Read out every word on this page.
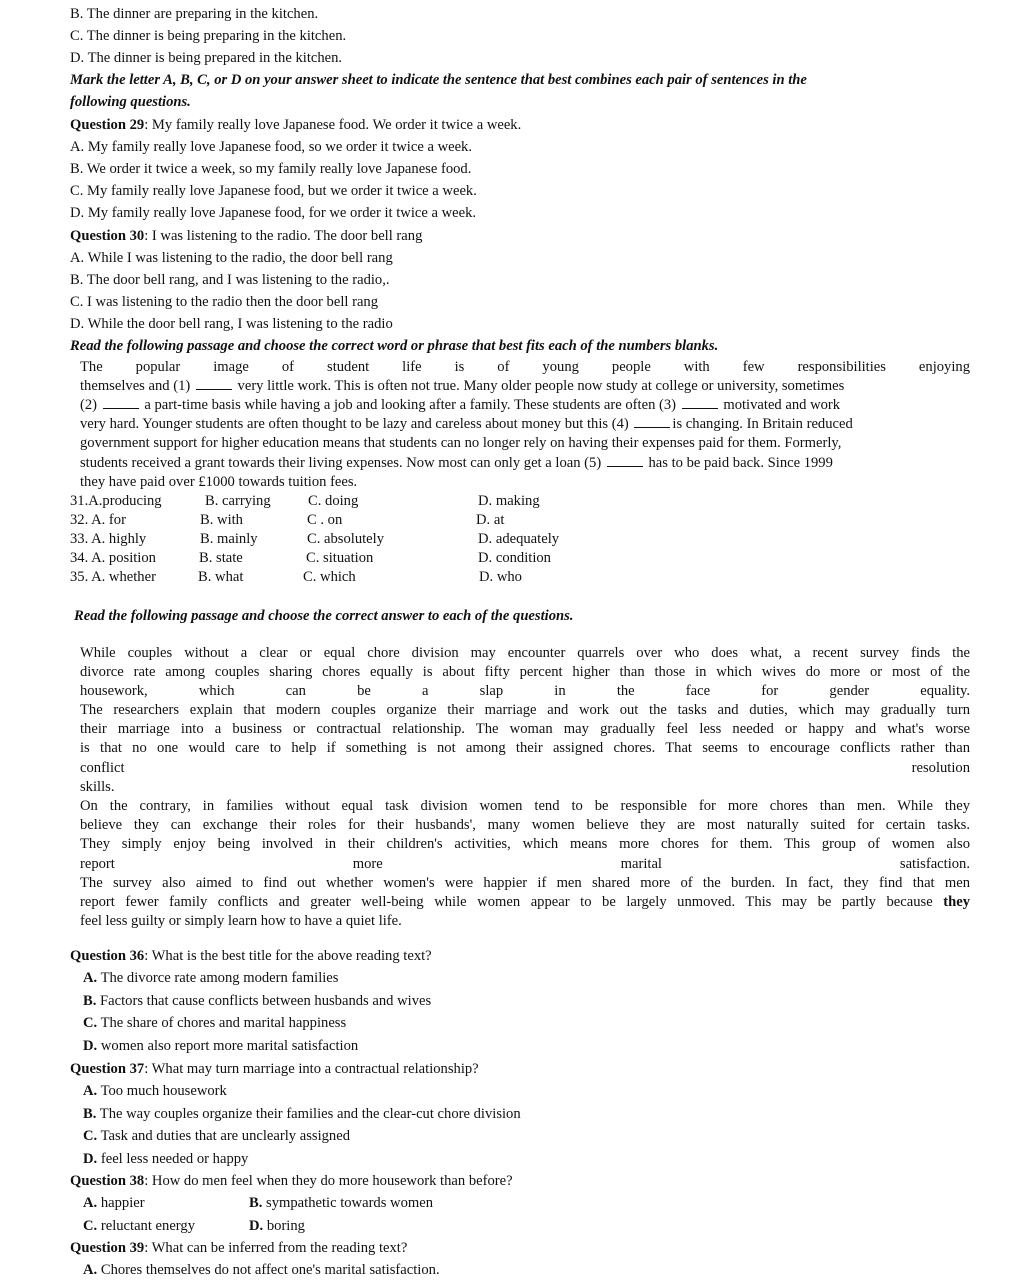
B. The dinner are preparing in the kitchen.
C. The dinner is being preparing in the kitchen.
D. The dinner is being prepared in the kitchen.
Mark the letter A, B, C, or D on your answer sheet to indicate the sentence that best combines each pair of sentences in the
following questions.
Question 29: My family really love Japanese food. We order it twice a week.
A. My family really love Japanese food, so we order it twice a week.
B. We order it twice a week, so my family really love Japanese food.
C. My family really love Japanese food, but we order it twice a week.
D. My family really love Japanese food, for we order it twice a week.
Question 30: I was listening to the radio. The door bell rang
A. While I was listening to the radio, the door bell rang
B. The door bell rang, and I was listening to the radio,.
C. I was listening to the radio then the door bell rang
D. While the door bell rang, I was listening to the radio
Read the following passage and choose the correct word or phrase that best fits each of the numbers blanks.
The popular image of student life is of young people with few responsibilities enjoying
themselves and (1)	very little work. This is often not true. Many older people now study at college or university, sometimes
(2)	a part-time basis while having a job and looking after a family. These students are often (3)	motivated and work
very hard. Younger students are often thought to be lazy and careless about money but this (4)	is changing. In Britain reduced
government support for higher education means that students can no longer rely on having their expenses paid for them. Formerly,
students received a grant towards their living expenses. Now most can only get a loan (5)	has to be paid back. Since 1999
they have paid over £1000 towards tuition fees.
31.A.producing	B. carrying	C. doing	D. making
32. A. for	B. with	C . on	D. at
33. A. highly	B. mainly	C. absolutely	D. adequately
34. A. position	B. state	C. situation	D. condition
35. A. whether	B. what	C. which	D. who
Read the following passage and choose the correct answer to each of the questions.
While couples without a clear or equal chore division may encounter quarrels over who does what, a recent survey finds the
divorce rate among couples sharing chores equally is about fifty percent higher than those in which wives do more or most of the
housework, which can be a slap in the face for gender equality.
The researchers explain that modern couples organize their marriage and work out the tasks and duties, which may gradually turn
their marriage into a business or contractual relationship. The woman may gradually feel less needed or happy and what's worse
is that no one would care to help if something is not among their assigned chores. That seems to encourage conflicts rather than
conflict resolution
skills.
On the contrary, in families without equal task division women tend to be responsible for more chores than men. While they
believe they can exchange their roles for their husbands', many women believe they are most naturally suited for certain tasks.
They simply enjoy being involved in their children's activities, which means more chores for them. This group of women also
report more marital satisfaction.
The survey also aimed to find out whether women's were happier if men shared more of the burden. In fact, they find that men
report fewer family conflicts and greater well-being while women appear to be largely unmoved. This may be partly because they
feel less guilty or simply learn how to have a quiet life.
Question 36: What is the best title for the above reading text?
A. The divorce rate among modern families
B. Factors that cause conflicts between husbands and wives
C. The share of chores and marital happiness
D. women also report more marital satisfaction
Question 37: What may turn marriage into a contractual relationship?
A. Too much housework
B. The way couples organize their families and the clear-cut chore division
C. Task and duties that are unclearly assigned
D. feel less needed or happy
Question 38: How do men feel when they do more housework than before?
A. happier	B. sympathetic towards women
C. reluctant energy	D. boring
Question 39: What can be inferred from the reading text?
A. Chores themselves do not affect one's marital satisfaction.
